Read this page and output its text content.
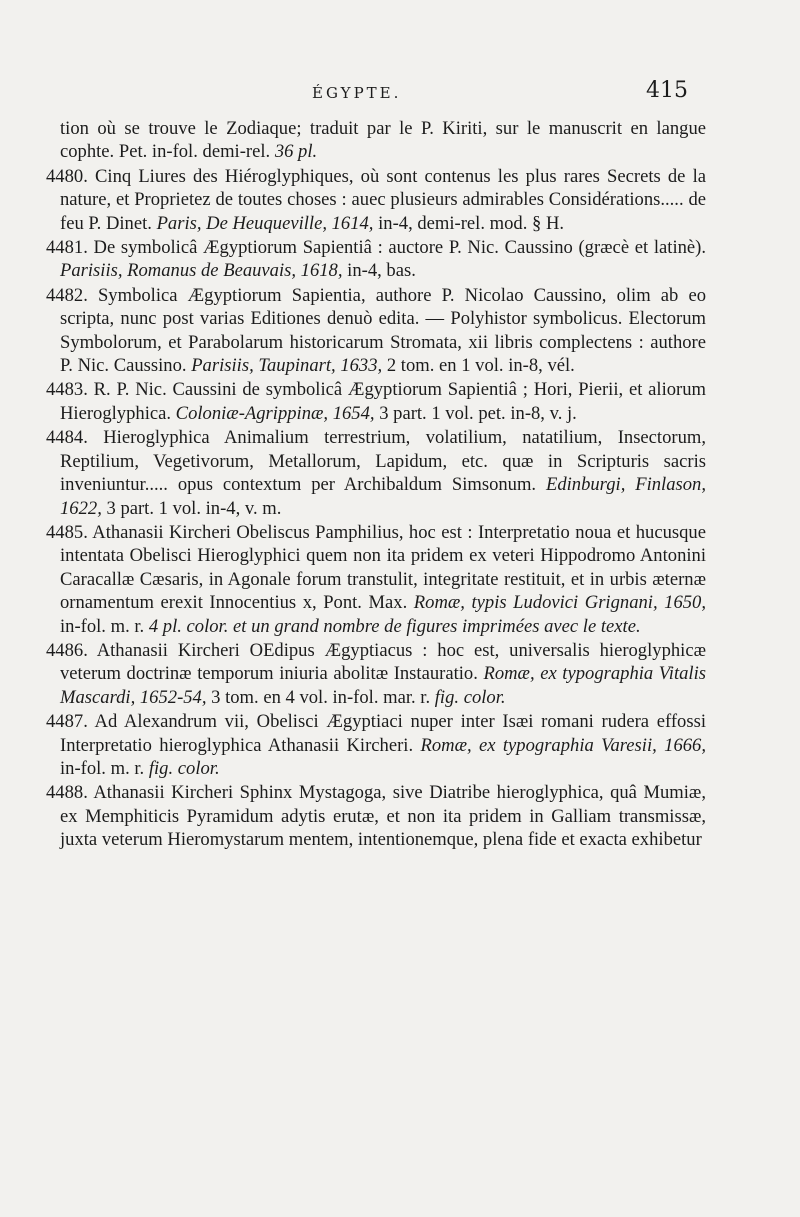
ÉGYPTE.	415

tion où se trouve le Zodiaque; traduit par le P. Kiriti, sur le manuscrit en langue cophte. Pet. in-fol. demi-rel. 36 pl.

4480. Cinq Liures des Hiéroglyphiques, où sont contenus les plus rares Secrets de la nature, et Proprietez de toutes choses : auec plusieurs admirables Considérations..... de feu P. Dinet. Paris, De Heuqueville, 1614, in-4, demi-rel. mod. § H.

4481. De symbolicâ Ægyptiorum Sapientiâ : auctore P. Nic. Caussino (græcè et latinè). Parisiis, Romanus de Beauvais, 1618, in-4, bas.

4482. Symbolica Ægyptiorum Sapientia, authore P. Nicolao Caussino, olim ab eo scripta, nunc post varias Editiones denuò edita. — Polyhistor symbolicus. Electorum Symbolorum, et Parabolarum historicarum Stromata, xii libris complectens : authore P. Nic. Caussino. Parisiis, Taupinart, 1633, 2 tom. en 1 vol. in-8, vél.

4483. R. P. Nic. Caussini de symbolicâ Ægyptiorum Sapientiâ ; Hori, Pierii, et aliorum Hieroglyphica. Coloniæ-Agrippinæ, 1654, 3 part. 1 vol. pet. in-8, v. j.

4484. Hieroglyphica Animalium terrestrium, volatilium, natatilium, Insectorum, Reptilium, Vegetivorum, Metallorum, Lapidum, etc. quæ in Scripturis sacris inveniuntur..... opus contextum per Archibaldum Simsonum. Edinburgi, Finlason, 1622, 3 part. 1 vol. in-4, v. m.

4485. Athanasii Kircheri Obeliscus Pamphilius, hoc est : Interpretatio noua et hucusque intentata Obelisci Hieroglyphici quem non ita pridem ex veteri Hippodromo Antonini Caracallæ Cæsaris, in Agonale forum transtulit, integritate restituit, et in urbis æternæ ornamentum erexit Innocentius x, Pont. Max. Romæ, typis Ludovici Grignani, 1650, in-fol. m. r. 4 pl. color. et un grand nombre de figures imprimées avec le texte.

4486. Athanasii Kircheri OEdipus Ægyptiacus : hoc est, universalis hieroglyphicæ veterum doctrinæ temporum iniuria abolitæ Instauratio. Romæ, ex typographia Vitalis Mascardi, 1652-54, 3 tom. en 4 vol. in-fol. mar. r. fig. color.

4487. Ad Alexandrum vii, Obelisci Ægyptiaci nuper inter Isæi romani rudera effossi Interpretatio hieroglyphica Athanasii Kircheri. Romæ, ex typographia Varesii, 1666, in-fol. m. r. fig. color.

4488. Athanasii Kircheri Sphinx Mystagoga, sive Diatribe hieroglyphica, quâ Mumiæ, ex Memphiticis Pyramidum adytis erutæ, et non ita pridem in Galliam transmissæ, juxta veterum Hieromystarum mentem, intentionemque, plena fide et exacta exhibetur
